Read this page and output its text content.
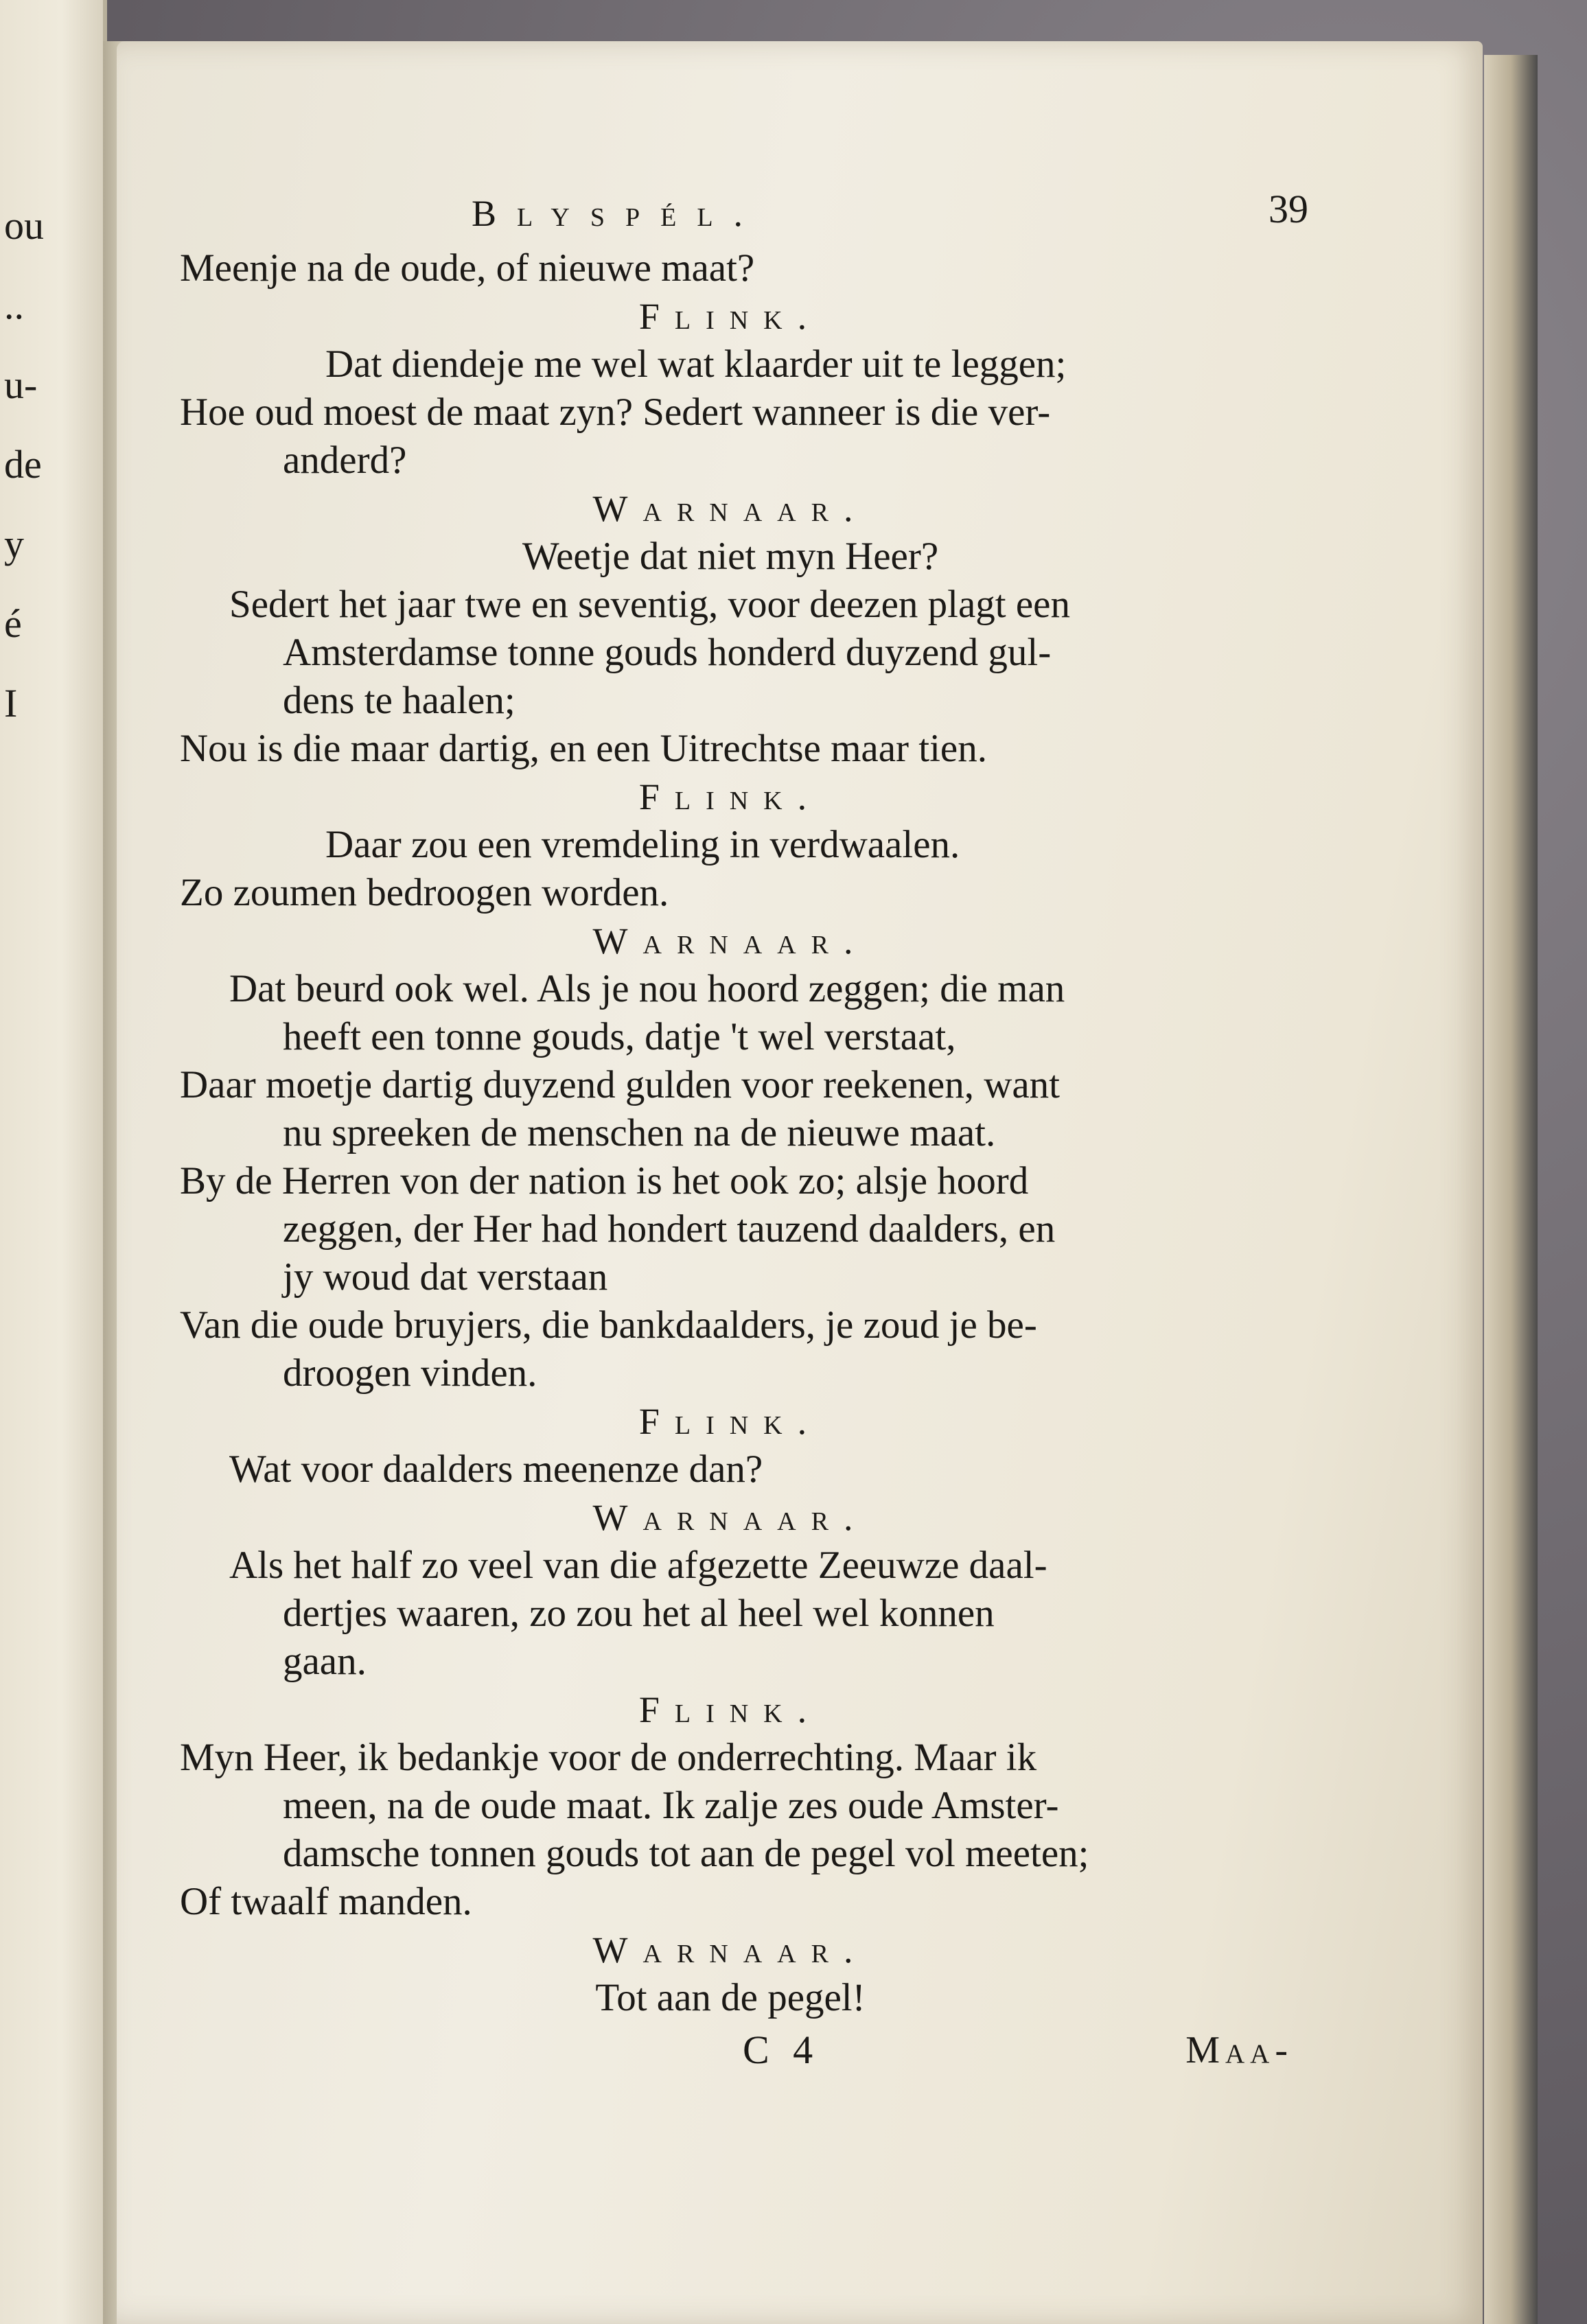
ou
..
u-
de
y
é
I
Blyspél.	39
Meenje na de oude, of nieuwe maat?
Flink.
Dat diendeje me wel wat klaarder uit te leggen;
Hoe oud moest de maat zyn? Sedert wanneer is die ver-
anderd?
Warnaar.
Weetje dat niet myn Heer?
Sedert het jaar twe en seventig, voor deezen plagt een
Amsterdamse tonne gouds honderd duyzend gul-
dens te haalen;
Nou is die maar dartig, en een Uitrechtse maar tien.
Flink.
Daar zou een vremdeling in verdwaalen.
Zo zoumen bedroogen worden.
Warnaar.
Dat beurd ook wel. Als je nou hoord zeggen; die man
heeft een tonne gouds, datje 't wel verstaat,
Daar moetje dartig duyzend gulden voor reekenen, want
nu spreeken de menschen na de nieuwe maat.
By de Herren von der nation is het ook zo; alsje hoord
zeggen, der Her had hondert tauzend daalders, en
jy woud dat verstaan
Van die oude bruyjers, die bankdaalders, je zoud je be-
droogen vinden.
Flink.
Wat voor daalders meenenze dan?
Warnaar.
Als het half zo veel van die afgezette Zeeuwze daal-
dertjes waaren, zo zou het al heel wel konnen
gaan.
Flink.
Myn Heer, ik bedankje voor de onderrechting. Maar ik
meen, na de oude maat. Ik zalje zes oude Amster-
damsche tonnen gouds tot aan de pegel vol meeten;
Of twaalf manden.
Warnaar.
Tot aan de pegel!
C 4	Maa-
